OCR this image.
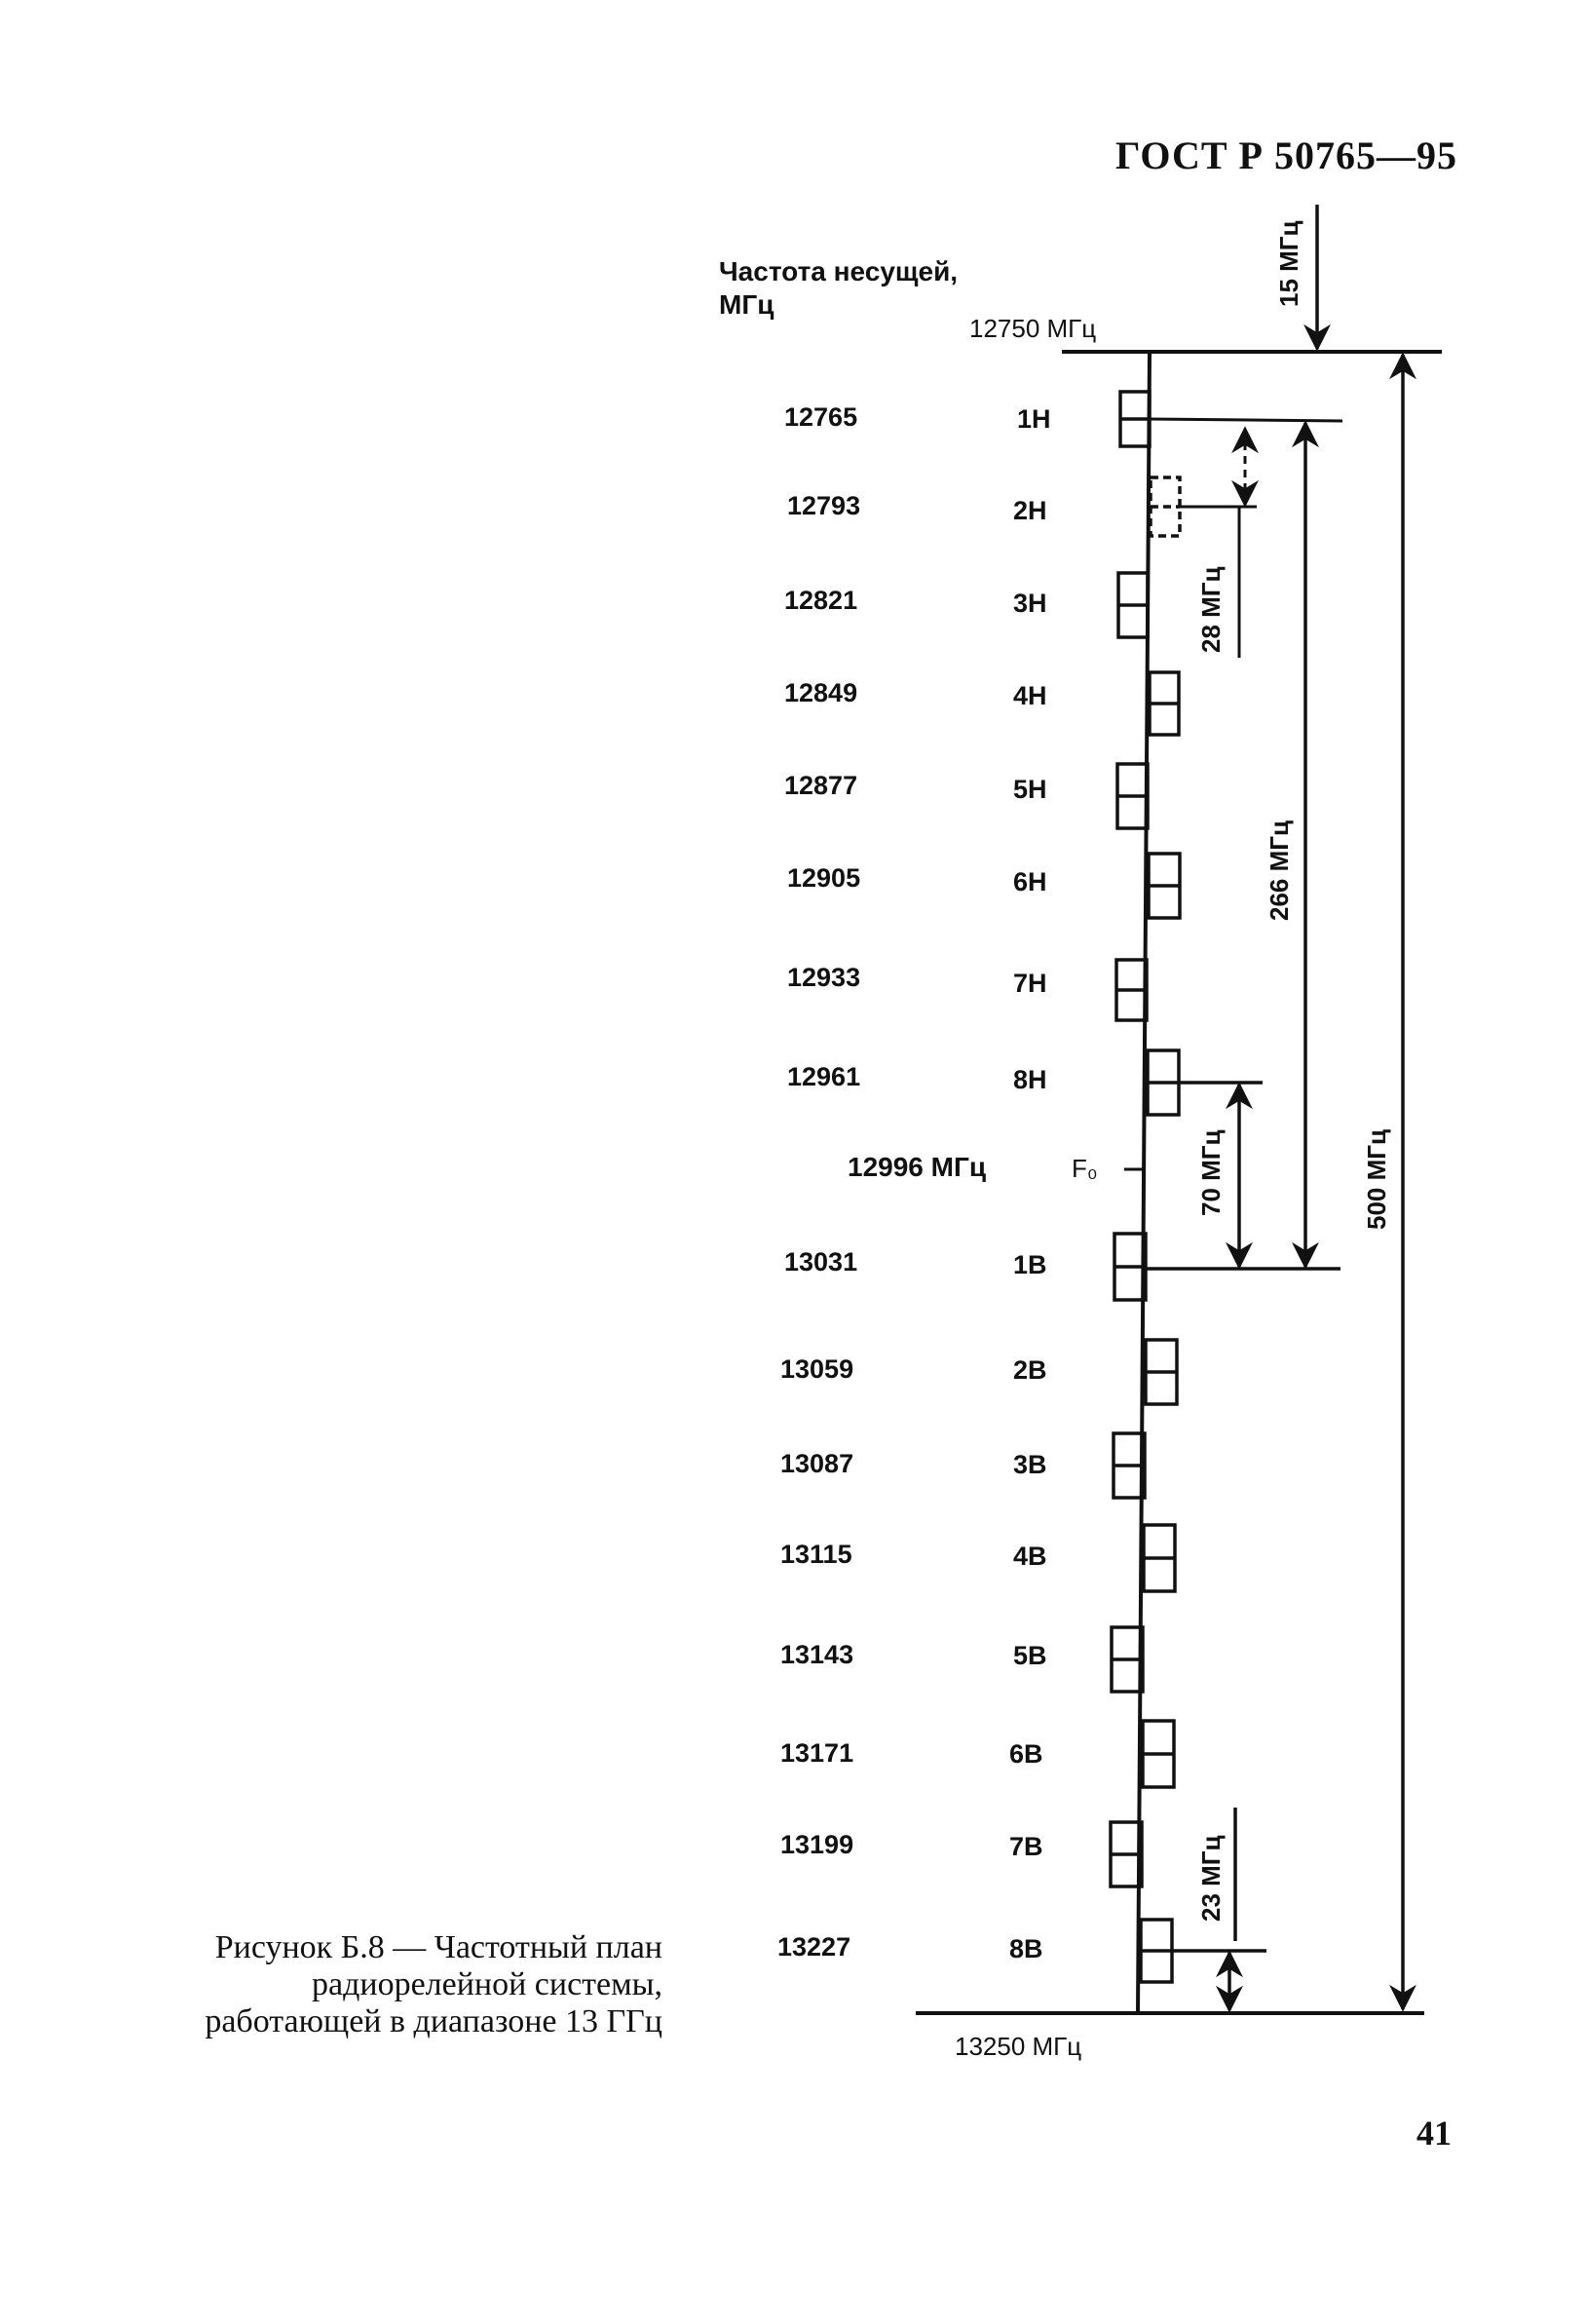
ГОСТ Р 50765—95
Частота несущей,
МГц
12765
12793
12821
12849
12877
12905
12933
12961
13031
13059
13087
13115
13143
13171
13199
13227
1Н
2Н
3Н
4Н
5Н
6Н
7Н
8Н
1В
2В
3В
4В
5В
6В
7В
8В
12996 МГц	F₀
12750 МГц
13250 МГц
15 МГц
28 МГц
266 МГц
70 МГц	500 МГц
23 МГц
Рисунок Б.8 — Частотный план
радиорелейной системы,
работающей в диапазоне 13 ГГц
41
